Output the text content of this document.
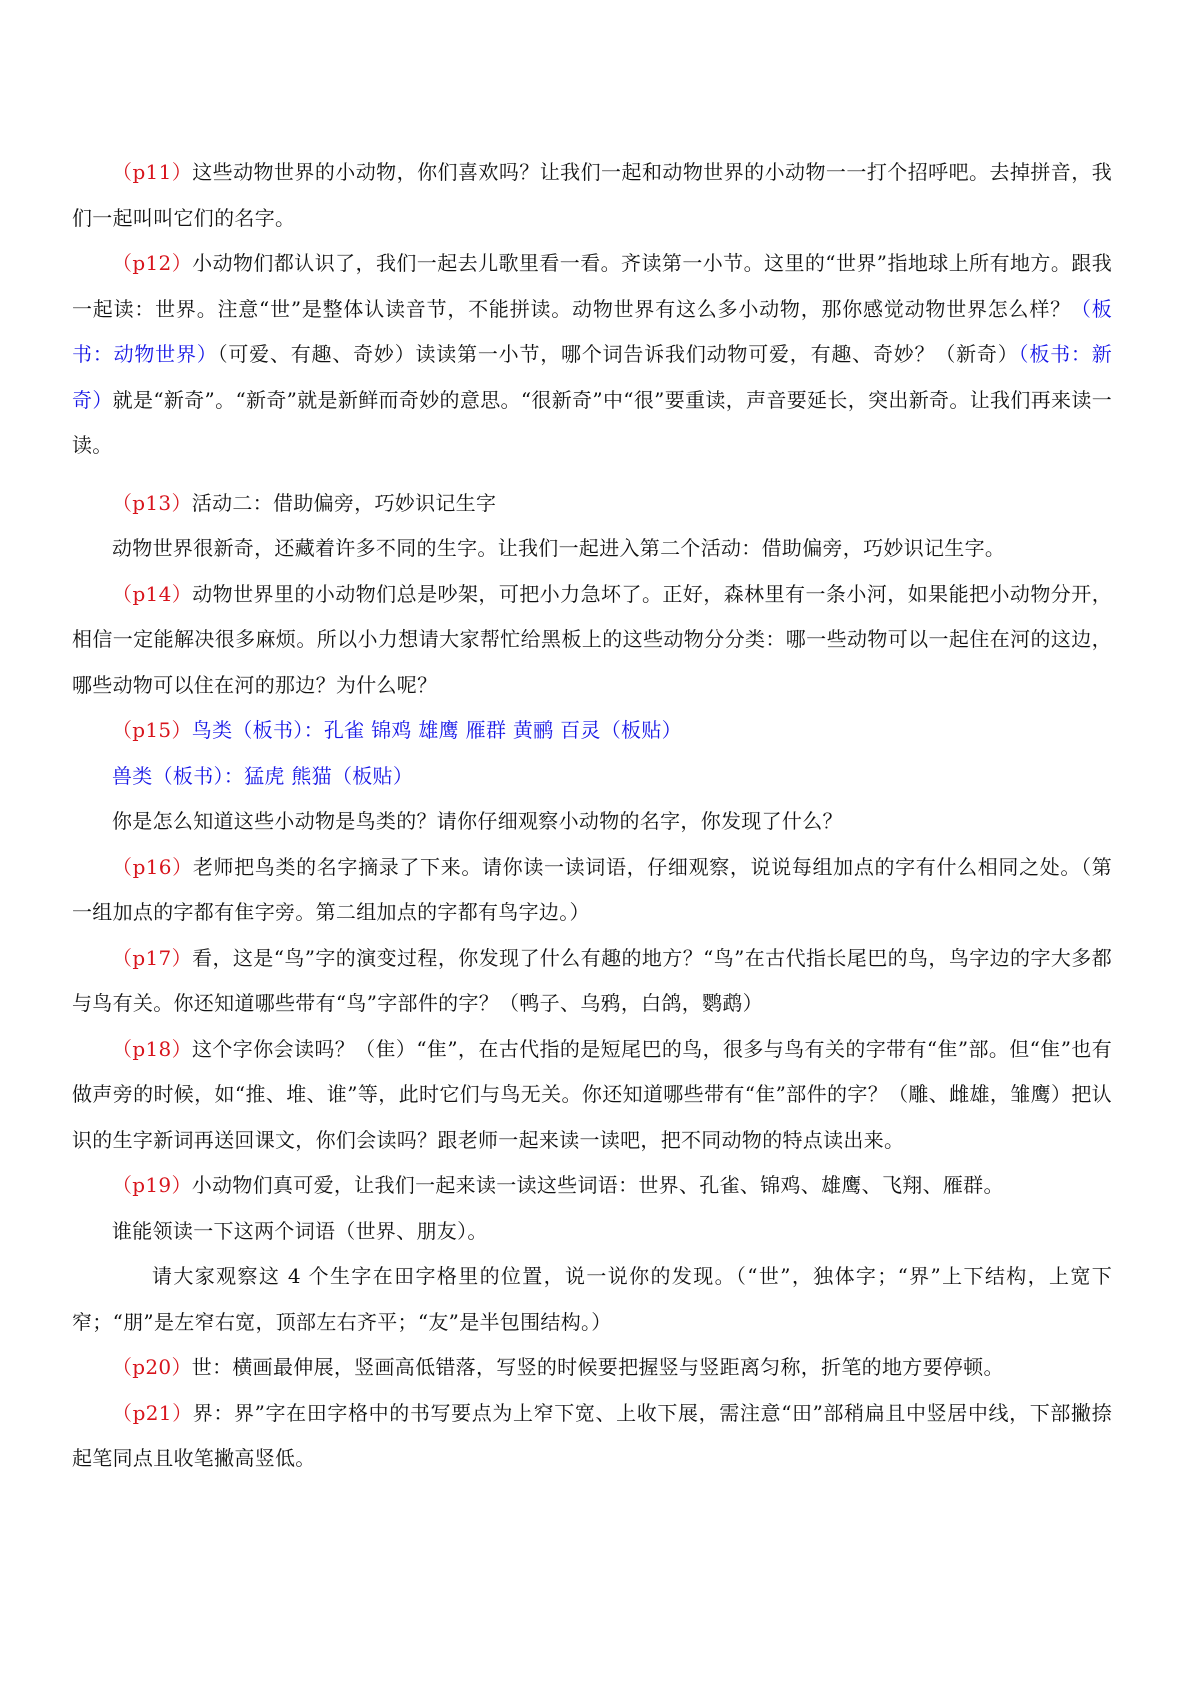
（p11）这些动物世界的小动物，你们喜欢吗？让我们一起和动物世界的小动物一一打个招呼吧。去掉拼音，我们一起叫叫它们的名字。

（p12）小动物们都认识了，我们一起去儿歌里看一看。齐读第一小节。这里的“世界”指地球上所有地方。跟我一起读：世界。注意“世”是整体认读音节，不能拼读。动物世界有这么多小动物，那你感觉动物世界怎么样？（板书：动物世界）（可爱、有趣、奇妙）读读第一小节，哪个词告诉我们动物可爱，有趣、奇妙？（新奇）（板书：新奇）就是“新奇”。“新奇”就是新鲜而奇妙的意思。“很新奇”中“很”要重读，声音要延长，突出新奇。让我们再来读一读。

（p13）活动二：借助偏旁，巧妙识记生字

动物世界很新奇，还藏着许多不同的生字。让我们一起进入第二个活动：借助偏旁，巧妙识记生字。

（p14）动物世界里的小动物们总是吵架，可把小力急坏了。正好，森林里有一条小河，如果能把小动物分开，相信一定能解决很多麻烦。所以小力想请大家帮忙给黑板上的这些动物分分类：哪一些动物可以一起住在河的这边，哪些动物可以住在河的那边？为什么呢？

（p15）鸟类（板书）：孔雀 锦鸡 雄鹰 雁群 黄鹂 百灵（板贴）

兽类（板书）：猛虎 熊猫（板贴）

你是怎么知道这些小动物是鸟类的？请你仔细观察小动物的名字，你发现了什么？

（p16）老师把鸟类的名字摘录了下来。请你读一读词语，仔细观察，说说每组加点的字有什么相同之处。（第一组加点的字都有隹字旁。第二组加点的字都有鸟字边。）

（p17）看，这是“鸟”字的演变过程，你发现了什么有趣的地方？“鸟”在古代指长尾巴的鸟，鸟字边的字大多都与鸟有关。你还知道哪些带有“鸟”字部件的字？（鸭子、乌鸦，白鸽，鹦鹉）

（p18）这个字你会读吗？（隹）“隹”，在古代指的是短尾巴的鸟，很多与鸟有关的字带有“隹”部。但“隹”也有做声旁的时候，如“推、堆、谁”等，此时它们与鸟无关。你还知道哪些带有“隹”部件的字？（雕、雌雄，雏鹰）把认识的生字新词再送回课文，你们会读吗？跟老师一起来读一读吧，把不同动物的特点读出来。

（p19）小动物们真可爱，让我们一起来读一读这些词语：世界、孔雀、锦鸡、雄鹰、飞翔、雁群。

谁能领读一下这两个词语（世界、朋友）。

请大家观察这 4 个生字在田字格里的位置，说一说你的发现。（“世”，独体字；“界”上下结构，上宽下窄；“朋”是左窄右宽，顶部左右齐平；“友”是半包围结构。）

（p20）世：横画最伸展，竖画高低错落，写竖的时候要把握竖与竖距离匀称，折笔的地方要停顿。

（p21）界：界”字在田字格中的书写要点为上窄下宽、上收下展，需注意“田”部稍扁且中竖居中线，下部撇捺起笔同点且收笔撇高竖低。
